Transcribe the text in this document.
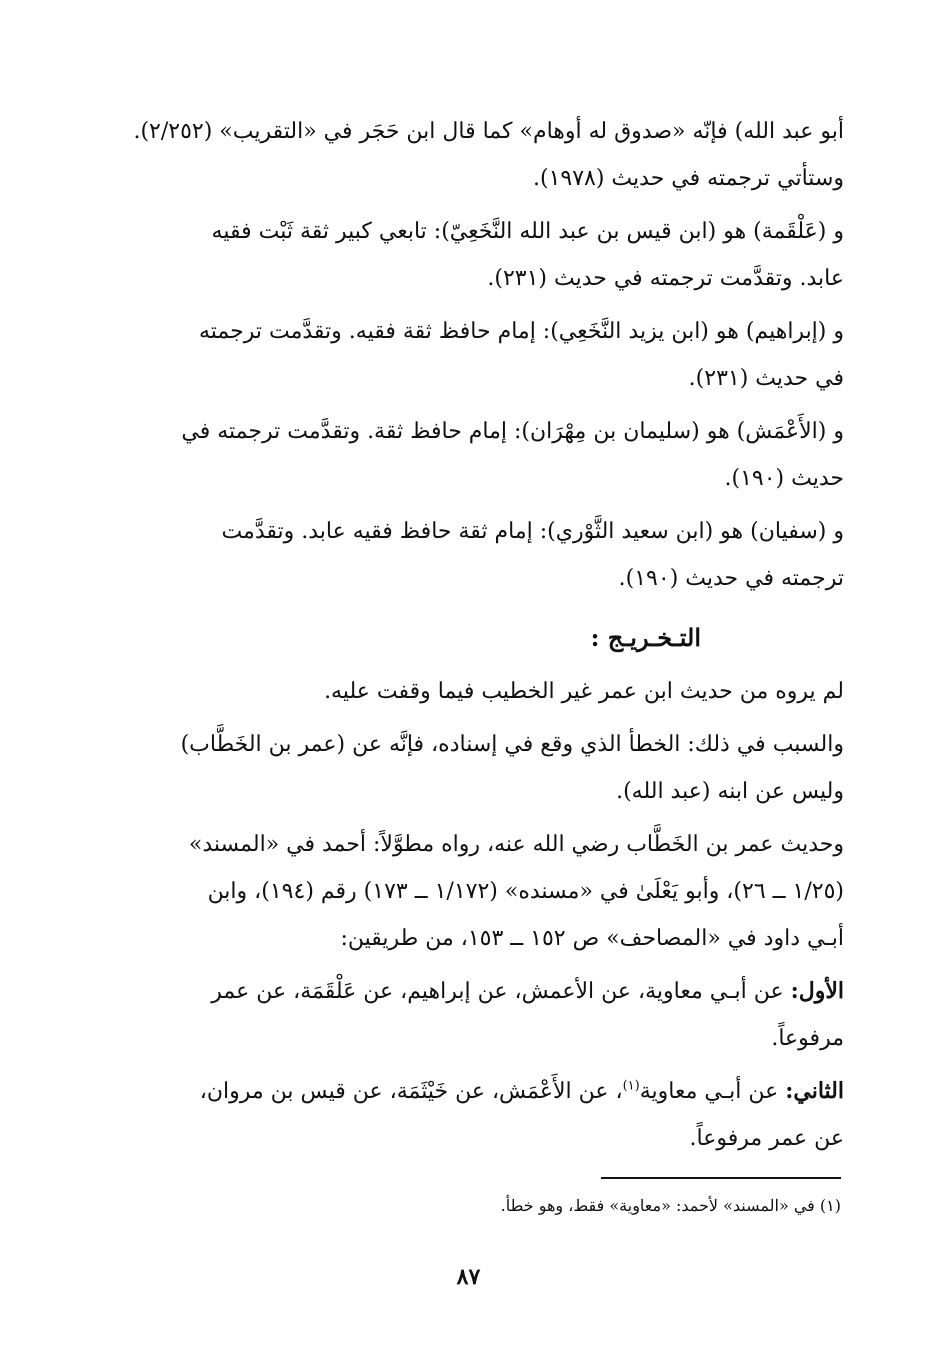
أبو عبد الله) فإنّه «صدوق له أوهام» كما قال ابن حَجَر في «التقريب» (٢/٢٥٢).
وستأتي ترجمته في حديث (١٩٧٨).

و (عَلْقَمة) هو (ابن قيس بن عبد الله النَّخَعِيّ): تابعي كبير ثقة ثَبْت فقيه
عابد. وتقدَّمت ترجمته في حديث (٢٣١).

و (إبراهيم) هو (ابن يزيد النَّخَعِي): إمام حافظ ثقة فقيه. وتقدَّمت ترجمته
في حديث (٢٣١).

و (الأَعْمَش) هو (سليمان بن مِهْرَان): إمام حافظ ثقة. وتقدَّمت ترجمته في
حديث (١٩٠).

و (سفيان) هو (ابن سعيد الثَّوْري): إمام ثقة حافظ فقيه عابد. وتقدَّمت
ترجمته في حديث (١٩٠).

التـخـريـج :

لم يروه من حديث ابن عمر غير الخطيب فيما وقفت عليه.

والسبب في ذلك: الخطأ الذي وقع في إسناده، فإنَّه عن (عمر بن الخَطَّاب)
وليس عن ابنه (عبد الله).

وحديث عمر بن الخَطَّاب رضي الله عنه، رواه مطوَّلاً: أحمد في «المسند»
(١/٢٥ ــ ٢٦)، وأبو يَعْلَىٰ في «مسنده» (١/١٧٢ ــ ١٧٣) رقم (١٩٤)، وابن
أبـي داود في «المصاحف» ص ١٥٢ ــ ١٥٣، من طريقين:

الأول: عن أبـي معاوية، عن الأعمش، عن إبراهيم، عن عَلْقَمَة، عن عمر
مرفوعاً.

الثاني: عن أبـي معاوية$^{(١)}$، عن الأَعْمَش، عن خَيْثَمَة، عن قيس بن مروان،
عن عمر مرفوعاً.

(١) في «المسند» لأحمد: «معاوية» فقط، وهو خطأ.
٨٧
